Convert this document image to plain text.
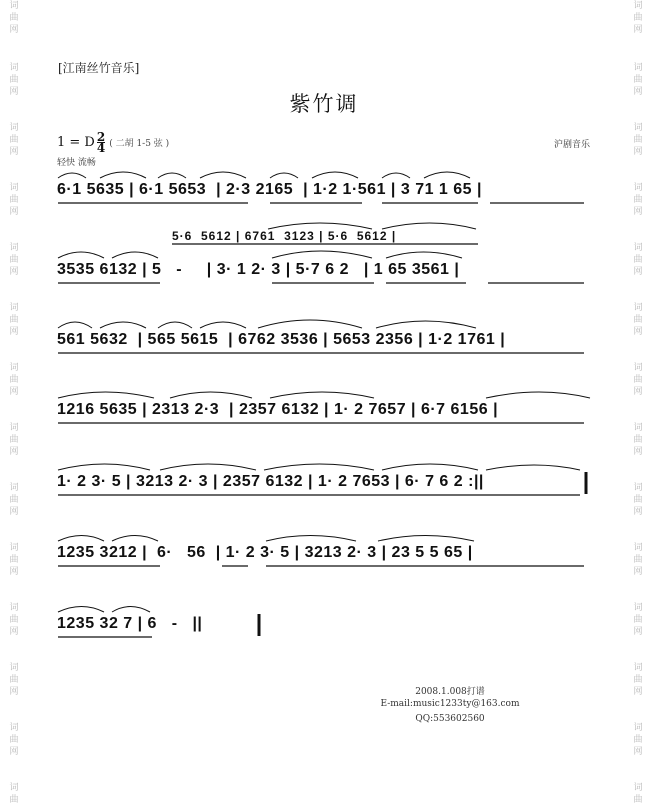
词
曲
网
词
曲
网
词
曲
网
词
曲
网
词
曲
网
词
曲
网
词
曲
网
词
曲
网
词
曲
网
词
曲
网
词
曲
网
词
曲
网
词
曲
网
词
曲
词
曲
网
词
曲
网
词
曲
网
词
曲
网
词
曲
网
词
曲
网
词
曲
网
词
曲
网
词
曲
网
词
曲
网
词
曲
网
词
曲
网
词
曲
网
词
曲
[江南丝竹音乐]
紫竹调
1 = D $\frac{2}{4}$ ( 二胡 1-5 弦 )	沪剧音乐
轻快 流畅
6·1 5635 | 6·1 5653  | 2·3 2165  | 1·2 1·561 | 3 71 1 65 |
5·6  5612 | 6761  3123 | 5·6  5612 |
3535 6132 | 5   -     | 3· 1 2· 3 | 5·7 6 2   | 1 65 3561 |
561 5632  | 565 5615  | 6762 3536 | 5653 2356 | 1·2 1761 |
1216 5635 | 2313 2·3  | 2357 6132 | 1· 2 7657 | 6·7 6156 |
1· 2 3· 5 | 3213 2· 3 | 2357 6132 | 1· 2 7653 | 6· 7 6 2 :||
1235 3212 |  6·   56  | 1· 2 3· 5 | 3213 2· 3 | 23 5 5 65 |
1235 32 7 | 6   -   ||
2008.1.008打谱
E-mail:music1233ty@163.com
QQ:553602560
